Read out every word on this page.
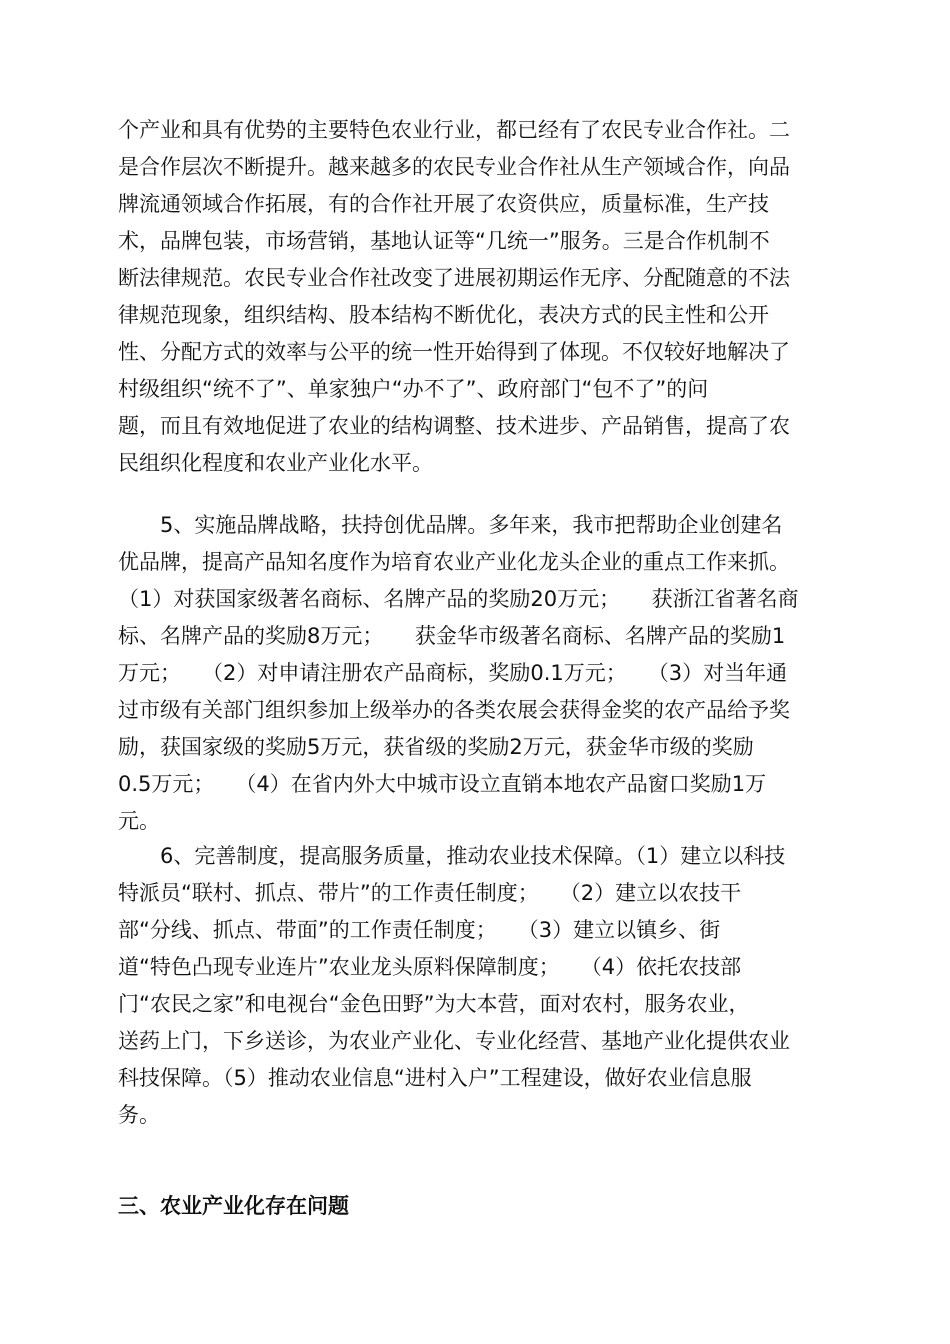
个产业和具有优势的主要特色农业行业，都已经有了农民专业合作社。二
是合作层次不断提升。越来越多的农民专业合作社从生产领域合作，向品
牌流通领域合作拓展，有的合作社开展了农资供应，质量标准，生产技
术，品牌包装，市场营销，基地认证等“几统一”服务。三是合作机制不
断法律规范。农民专业合作社改变了进展初期运作无序、分配随意的不法
律规范现象，组织结构、股本结构不断优化，表决方式的民主性和公开
性、分配方式的效率与公平的统一性开始得到了体现。不仅较好地解决了
村级组织“统不了”、单家独户“办不了”、政府部门“包不了”的问
题，而且有效地促进了农业的结构调整、技术进步、产品销售，提高了农
民组织化程度和农业产业化水平。
　　5、实施品牌战略，扶持创优品牌。多年来，我市把帮助企业创建名
优品牌，提高产品知名度作为培育农业产业化龙头企业的重点工作来抓。
（1）对获国家级著名商标、名牌产品的奖励20万元；　　获浙江省著名商
标、名牌产品的奖励8万元；　　获金华市级著名商标、名牌产品的奖励1
万元；　　（2）对申请注册农产品商标，奖励0.1万元；　　（3）对当年通
过市级有关部门组织参加上级举办的各类农展会获得金奖的农产品给予奖
励，获国家级的奖励5万元，获省级的奖励2万元，获金华市级的奖励
0.5万元；　　（4）在省内外大中城市设立直销本地农产品窗口奖励1万
元。
　　6、完善制度，提高服务质量，推动农业技术保障。（1）建立以科技
特派员“联村、抓点、带片”的工作责任制度；　　（2）建立以农技干
部“分线、抓点、带面”的工作责任制度；　　（3）建立以镇乡、街
道“特色凸现专业连片”农业龙头原料保障制度；　　（4）依托农技部
门“农民之家”和电视台“金色田野”为大本营，面对农村，服务农业，
送药上门，下乡送诊，为农业产业化、专业化经营、基地产业化提供农业
科技保障。（5）推动农业信息“进村入户”工程建设，做好农业信息服
务。
三、农业产业化存在问题
